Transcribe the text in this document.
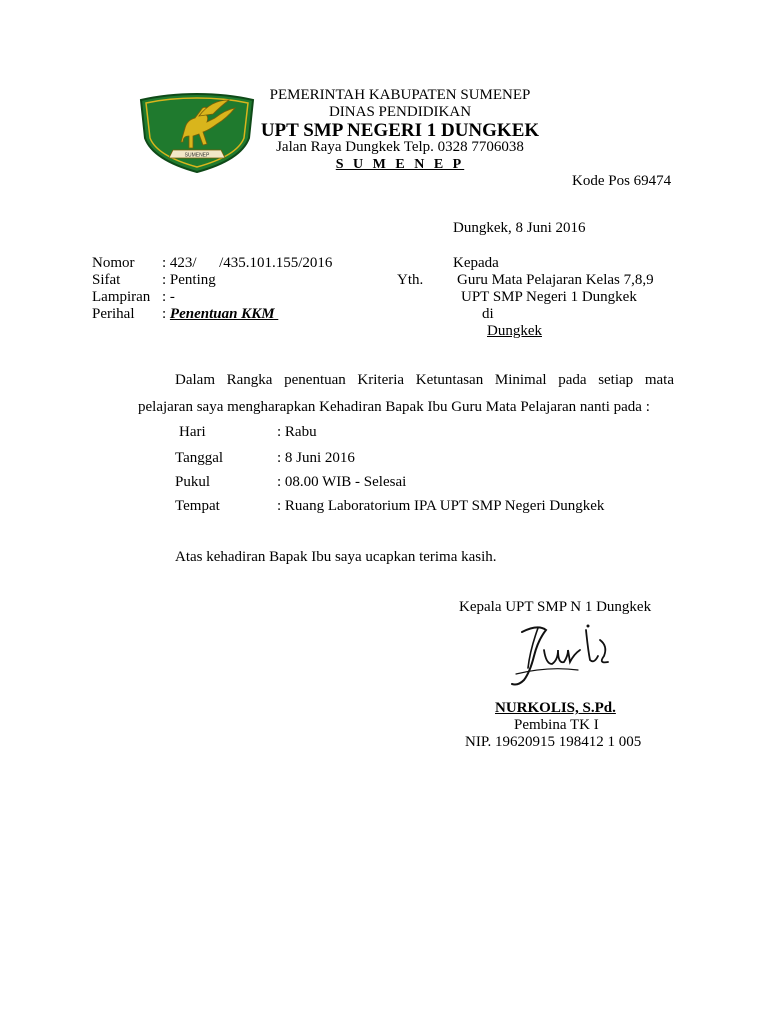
SUMENEP
PEMERINTAH KABUPATEN SUMENEP
DINAS PENDIDIKAN
UPT SMP NEGERI 1 DUNGKEK
Jalan Raya Dungkek Telp. 0328 7706038
S U M E N E P
Kode Pos 69474
Dungkek, 8 Juni 2016
Nomor : 423/      /435.101.155/2016
Sifat	: Penting
Lampiran : -
Perihal : Penentuan KKM
Kepada
Yth. Guru Mata Pelajaran Kelas 7,8,9
UPT SMP Negeri 1 Dungkek
di
Dungkek
Dalam Rangka penentuan Kriteria Ketuntasan Minimal pada setiap mata
pelajaran saya mengharapkan Kehadiran Bapak Ibu Guru Mata Pelajaran nanti pada :
Hari	: Rabu
Tanggal	: 8 Juni 2016
Pukul	: 08.00 WIB - Selesai
Tempat	: Ruang Laboratorium IPA UPT SMP Negeri Dungkek
Atas kehadiran Bapak Ibu saya ucapkan terima kasih.
Kepala UPT SMP N 1 Dungkek
NURKOLIS, S.Pd.
Pembina TK I
NIP. 19620915 198412 1 005
